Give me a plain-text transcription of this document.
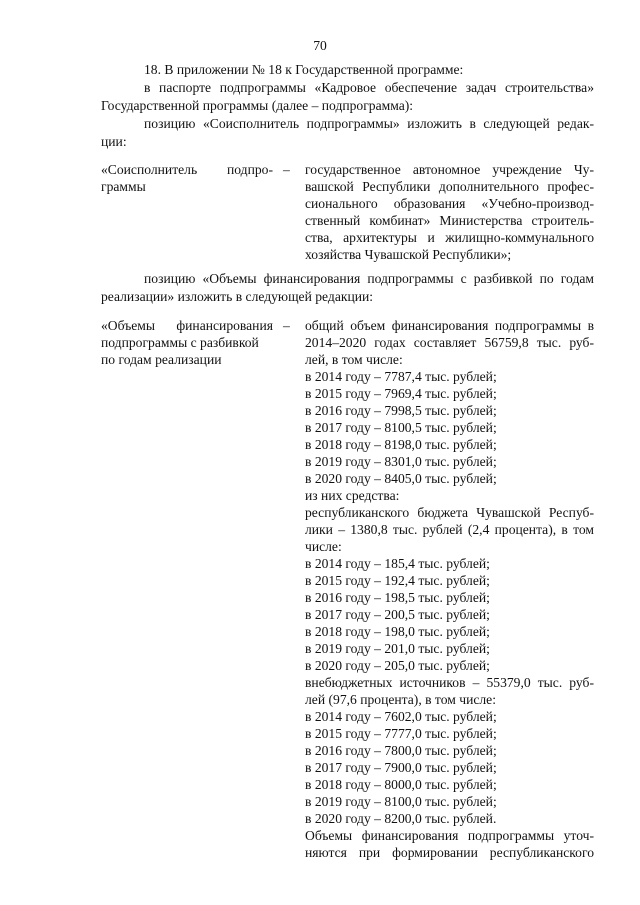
70
18. В приложении № 18 к Государственной программе:
в паспорте подпрограммы «Кадровое обеспечение задач строительства»
Государственной программы (далее – подпрограмма):
позицию «Соисполнитель подпрограммы» изложить в следующей редак-
ции:
«Соисполнитель подпро-
граммы
– государственное автономное учреждение Чу-
вашской Республики дополнительного профес-
сионального образования «Учебно-производ-
ственный комбинат» Министерства строитель-
ства, архитектуры и жилищно-коммунального
хозяйства Чувашской Республики»;
позицию «Объемы финансирования подпрограммы с разбивкой по годам
реализации» изложить в следующей редакции:
«Объемы финансирования
подпрограммы с разбивкой
по годам реализации
– общий объем финансирования подпрограммы в
2014–2020 годах составляет 56759,8 тыс. руб-
лей, в том числе:
в 2014 году – 7787,4 тыс. рублей;
в 2015 году – 7969,4 тыс. рублей;
в 2016 году – 7998,5 тыс. рублей;
в 2017 году – 8100,5 тыс. рублей;
в 2018 году – 8198,0 тыс. рублей;
в 2019 году – 8301,0 тыс. рублей;
в 2020 году – 8405,0 тыс. рублей;
из них средства:
республиканского бюджета Чувашской Респуб-
лики – 1380,8 тыс. рублей (2,4 процента), в том
числе:
в 2014 году – 185,4 тыс. рублей;
в 2015 году – 192,4 тыс. рублей;
в 2016 году – 198,5 тыс. рублей;
в 2017 году – 200,5 тыс. рублей;
в 2018 году – 198,0 тыс. рублей;
в 2019 году – 201,0 тыс. рублей;
в 2020 году – 205,0 тыс. рублей;
внебюджетных источников – 55379,0 тыс. руб-
лей (97,6 процента), в том числе:
в 2014 году – 7602,0 тыс. рублей;
в 2015 году – 7777,0 тыс. рублей;
в 2016 году – 7800,0 тыс. рублей;
в 2017 году – 7900,0 тыс. рублей;
в 2018 году – 8000,0 тыс. рублей;
в 2019 году – 8100,0 тыс. рублей;
в 2020 году – 8200,0 тыс. рублей.
Объемы финансирования подпрограммы уточ-
няются при формировании республиканского
